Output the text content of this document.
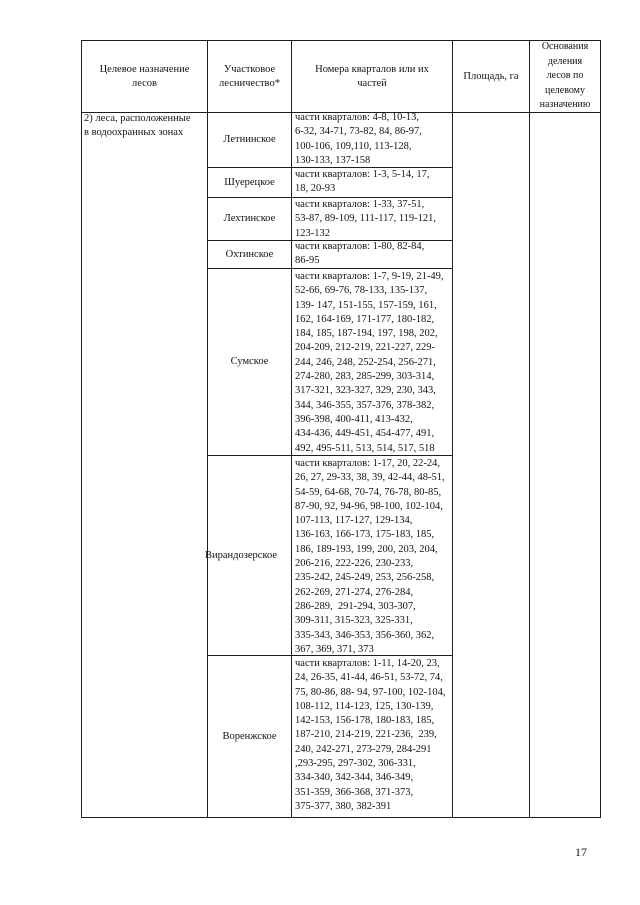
Целевое назначение
лесов
Участковое
лесничество*
Номера кварталов или их
частей
Площадь, га
Основания
деления
лесов по
целевому
назначению
2) леса, расположенные
в водоохранных зонах
Летнинское
части кварталов: 4-8, 10-13,
6-32, 34-71, 73-82, 84, 86-97,
100-106, 109,110, 113-128,
130-133, 137-158
Шуерецкое
части кварталов: 1-3, 5-14, 17,
18, 20-93
Лехтинское
части кварталов: 1-33, 37-51,
53-87, 89-109, 111-117, 119-121,
123-132
Охтинское
части кварталов: 1-80, 82-84,
86-95
Сумское
части кварталов: 1-7, 9-19, 21-49,
52-66, 69-76, 78-133, 135-137,
139- 147, 151-155, 157-159, 161,
162, 164-169, 171-177, 180-182,
184, 185, 187-194, 197, 198, 202,
204-209, 212-219, 221-227, 229-
244, 246, 248, 252-254, 256-271,
274-280, 283, 285-299, 303-314,
317-321, 323-327, 329, 230, 343,
344, 346-355, 357-376, 378-382,
396-398, 400-411, 413-432,
434-436, 449-451, 454-477, 491,
492, 495-511, 513, 514, 517, 518
Вирандозерское
части кварталов: 1-17, 20, 22-24,
26, 27, 29-33, 38, 39, 42-44, 48-51,
54-59, 64-68, 70-74, 76-78, 80-85,
87-90, 92, 94-96, 98-100, 102-104,
107-113, 117-127, 129-134,
136-163, 166-173, 175-183, 185,
186, 189-193, 199, 200, 203, 204,
206-216, 222-226, 230-233,
235-242, 245-249, 253, 256-258,
262-269, 271-274, 276-284,
286-289,  291-294, 303-307,
309-311, 315-323, 325-331,
335-343, 346-353, 356-360, 362,
367, 369, 371, 373
Воренжское
части кварталов: 1-11, 14-20, 23,
24, 26-35, 41-44, 46-51, 53-72, 74,
75, 80-86, 88- 94, 97-100, 102-104,
108-112, 114-123, 125, 130-139,
142-153, 156-178, 180-183, 185,
187-210, 214-219, 221-236,  239,
240, 242-271, 273-279, 284-291
,293-295, 297-302, 306-331,
334-340, 342-344, 346-349,
351-359, 366-368, 371-373,
375-377, 380, 382-391
17
